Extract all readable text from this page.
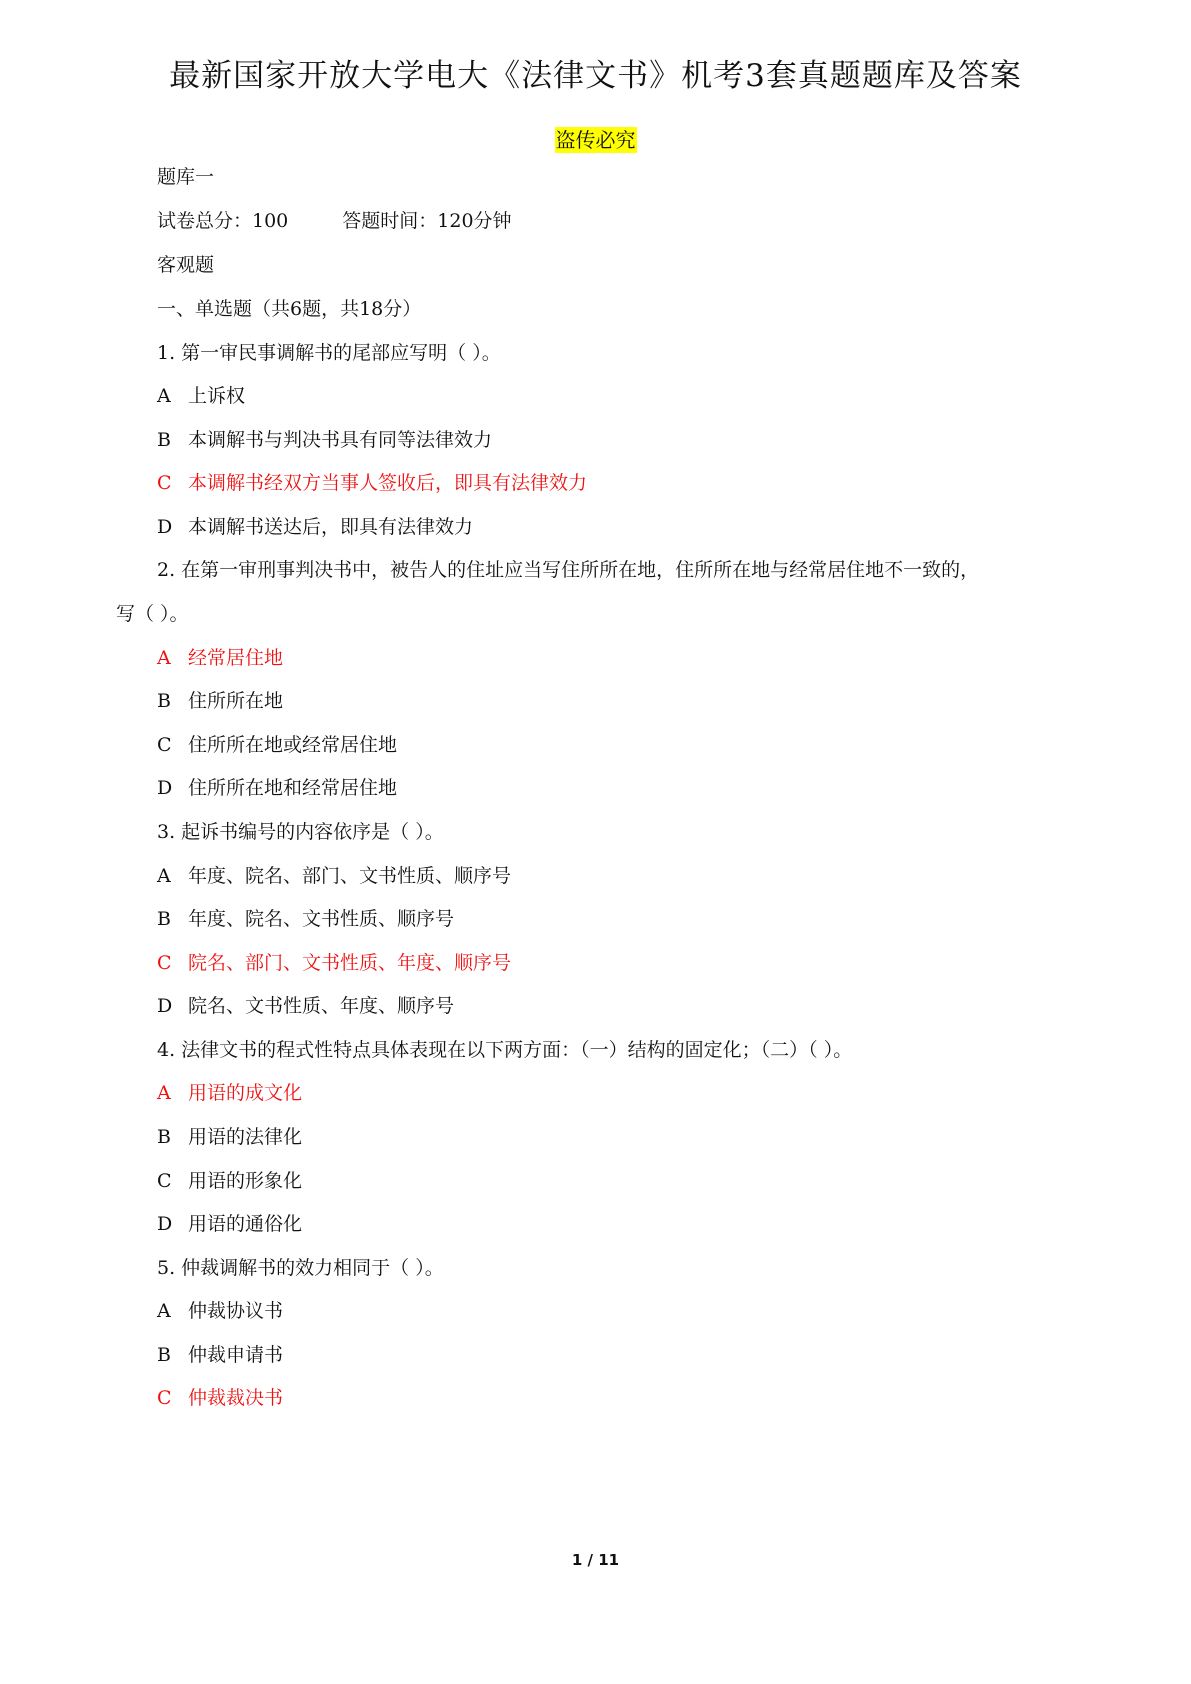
最新国家开放大学电大《法律文书》机考3套真题题库及答案
盗传必究
题库一
试卷总分：100	答题时间：120分钟
客观题
一、单选题（共6题，共18分）
1. 第一审民事调解书的尾部应写明（ ）。
A 上诉权
B 本调解书与判决书具有同等法律效力
C 本调解书经双方当事人签收后，即具有法律效力
D 本调解书送达后，即具有法律效力
2. 在第一审刑事判决书中，被告人的住址应当写住所所在地，住所所在地与经常居住地不一致的，
写（ ）。
A 经常居住地
B 住所所在地
C 住所所在地或经常居住地
D 住所所在地和经常居住地
3. 起诉书编号的内容依序是（ ）。
A 年度、院名、部门、文书性质、顺序号
B 年度、院名、文书性质、顺序号
C 院名、部门、文书性质、年度、顺序号
D 院名、文书性质、年度、顺序号
4. 法律文书的程式性特点具体表现在以下两方面：（一）结构的固定化；（二）（ ）。
A 用语的成文化
B 用语的法律化
C 用语的形象化
D 用语的通俗化
5. 仲裁调解书的效力相同于（ ）。
A 仲裁协议书
B 仲裁申请书
C 仲裁裁决书
1 / 11
